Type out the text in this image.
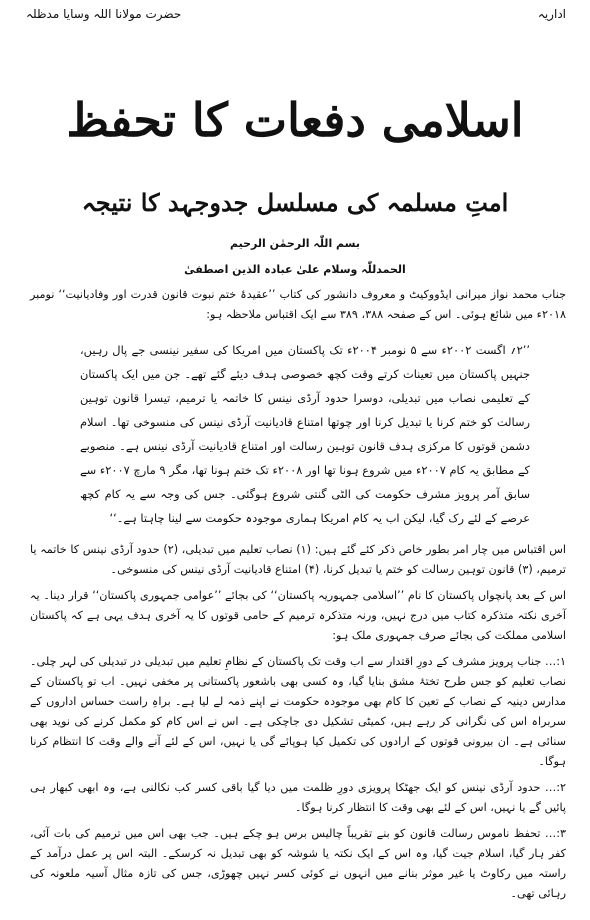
اداریہ
حضرت مولانا اللہ وسایا مدظلہ
اسلامی دفعات کا تحفظ
امتِ مسلمہ کی مسلسل جدوجہد کا نتیجہ
بسم اللّٰہ الرحمٰن الرحیم
الحمدللّٰہ وسلام علیٰ عبادہ الذین اصطفیٰ

جناب محمد نواز میرانی ایڈووکیٹ و معروف دانشور کی کتاب ’’عقیدۂ ختم نبوت قانون قدرت اور وفادیانیت‘‘ نومبر ۲۰۱۸ء میں شائع ہوئی۔ اس کے صفحہ ۳۸۸، ۳۸۹ سے ایک اقتباس ملاحظہ ہو:

’’۲؍ اگست ۲۰۰۲ء سے ۵ نومبر ۲۰۰۴ء تک پاکستان میں امریکا کی سفیر نینسی جے پال رہیں، جنہیں پاکستان میں تعینات کرتے وقت کچھ خصوصی ہدف دیئے گئے تھے۔ جن میں ایک پاکستان کے تعلیمی نصاب میں تبدیلی، دوسرا حدود آرڈی نینس کا خاتمہ یا ترمیم، تیسرا قانون توہین رسالت کو ختم کرنا یا تبدیل کرنا اور چوتھا امتناع قادیانیت آرڈی نینس کی منسوخی تھا۔ اسلام دشمن قوتوں کا مرکزی ہدف قانون توہین رسالت اور امتناع قادیانیت آرڈی نینس ہے۔ منصوبے کے مطابق یہ کام ۲۰۰۷ء میں شروع ہونا تھا اور ۲۰۰۸ء تک ختم ہونا تھا، مگر ۹ مارچ ۲۰۰۷ء سے سابق آمر پرویز مشرف حکومت کی الٹی گنتی شروع ہوگئی۔ جس کی وجہ سے یہ کام کچھ عرصے کے لئے رک گیا، لیکن اب یہ کام امریکا ہماری موجودہ حکومت سے لینا چاہتا ہے۔‘‘

اس اقتباس میں چار امر بطور خاص ذکر کئے گئے ہیں: (۱) نصاب تعلیم میں تبدیلی، (۲) حدود آرڈی نینس کا خاتمہ یا ترمیم، (۳) قانون توہین رسالت کو ختم یا تبدیل کرنا، (۴) امتناع قادیانیت آرڈی نینس کی منسوخی۔

اس کے بعد پانچواں پاکستان کا نام ’’اسلامی جمہوریہ پاکستان‘‘ کی بجائے ’’عوامی جمہوری پاکستان‘‘ قرار دینا۔ یہ آخری نکتہ متذکرہ کتاب میں درج نہیں، ورنہ متذکرہ ترمیم کے حامی قوتوں کا یہ آخری ہدف یہی ہے کہ پاکستان اسلامی مملکت کی بجائے صرف جمہوری ملک ہو:

۱:… جناب پرویز مشرف کے دورِ اقتدار سے اب وقت تک پاکستان کے نظامِ تعلیم میں تبدیلی در تبدیلی کی لہر چلی۔ نصاب تعلیم کو جس طرح تختۂ مشق بنایا گیا، وہ کسی بھی باشعور پاکستانی پر مخفی نہیں۔ اب تو پاکستان کے مدارس دینیہ کے نصاب کے تعین کا کام بھی موجودہ حکومت نے اپنے ذمہ لے لیا ہے۔ براہِ راست حساس اداروں کے سربراہ اس کی نگرانی کر رہے ہیں، کمیٹی تشکیل دی جاچکی ہے۔ اس نے اس کام کو مکمل کرنے کی نوید بھی سنائی ہے۔ ان بیرونی قوتوں کے ارادوں کی تکمیل کیا ہوپائے گی یا نہیں، اس کے لئے آنے والے وقت کا انتظام کرنا ہوگا۔

۲:… حدود آرڈی نینس کو ایک جھٹکا پرویزی دورِ ظلمت میں دیا گیا باقی کسر کب نکالنی ہے، وہ ابھی کبھار ہی پائیں گے یا نہیں، اس کے لئے بھی وقت کا انتظار کرنا ہوگا۔

۳:… تحفظ ناموس رسالت قانون کو بنے تقریباً چالیس برس ہو چکے ہیں۔ جب بھی اس میں ترمیم کی بات آئی، کفر ہار گیا، اسلام جیت گیا، وہ اس کے ایک نکتہ یا شوشہ کو بھی تبدیل نہ کرسکے۔ البتہ اس پر عمل درآمد کے راستہ میں رکاوٹ یا غیر موثر بنانے میں انہوں نے کوئی کسر نہیں چھوڑی، جس کی تازہ مثال آسیہ ملعونہ کی رہائی تھی۔
